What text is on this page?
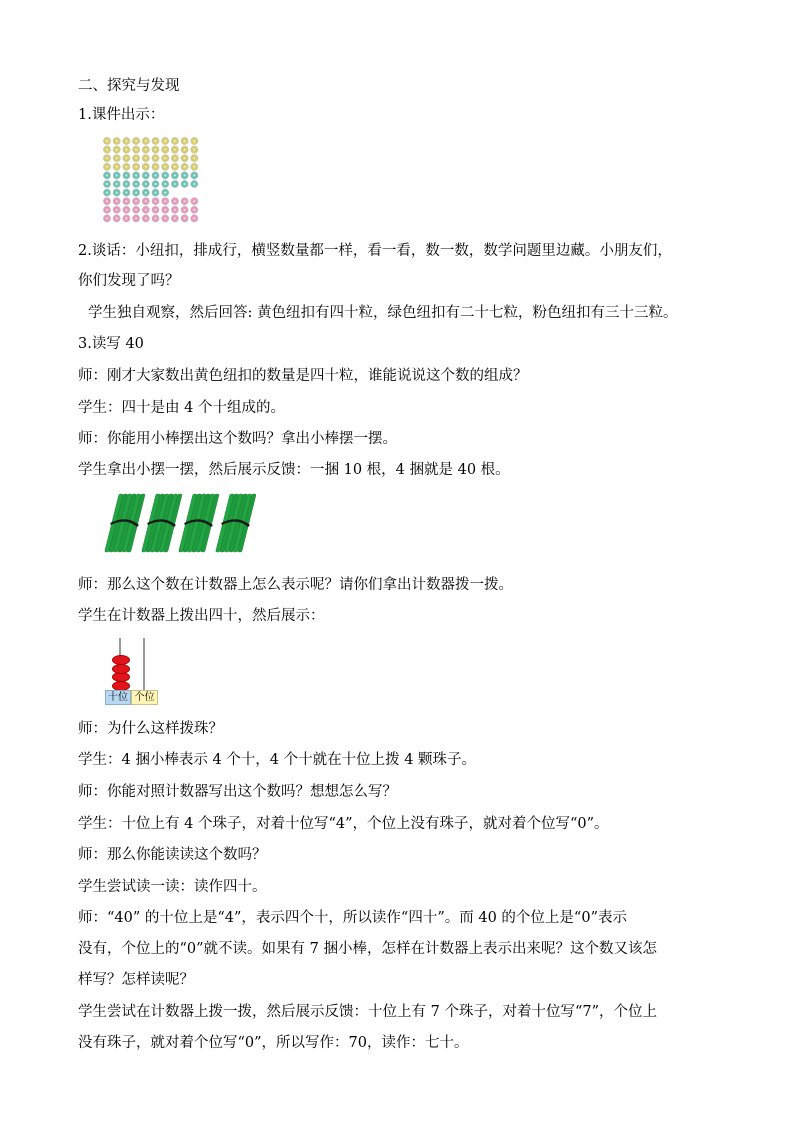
二、探究与发现
1.课件出示：
2.谈话：小纽扣，排成行，横竖数量都一样，看一看，数一数，数学问题里边藏。小朋友们，
你们发现了吗？
学生独自观察，然后回答: 黄色纽扣有四十粒，绿色纽扣有二十七粒，粉色纽扣有三十三粒。
3.读写 40
师：刚才大家数出黄色纽扣的数量是四十粒，谁能说说这个数的组成？
学生：四十是由 4 个十组成的。
师：你能用小棒摆出这个数吗？拿出小棒摆一摆。
学生拿出小摆一摆，然后展示反馈：一捆 10 根，4 捆就是 40 根。
师：那么这个数在计数器上怎么表示呢？请你们拿出计数器拨一拨。
学生在计数器上拨出四十，然后展示：
十位 个位
师：为什么这样拨珠？
学生：4 捆小棒表示 4 个十，4 个十就在十位上拨 4 颗珠子。
师：你能对照计数器写出这个数吗？想想怎么写？
学生：十位上有 4 个珠子，对着十位写“4”，个位上没有珠子，就对着个位写“0”。
师：那么你能读读这个数吗？
学生尝试读一读：读作四十。
师：“40” 的十位上是“4”，表示四个十，所以读作“四十”。而 40 的个位上是“0”表示
没有，个位上的“0”就不读。如果有 7 捆小棒，怎样在计数器上表示出来呢？这个数又该怎
样写？怎样读呢？
学生尝试在计数器上拨一拨，然后展示反馈：十位上有 7 个珠子，对着十位写“7”，个位上
没有珠子，就对着个位写“0”，所以写作：70，读作：七十。
